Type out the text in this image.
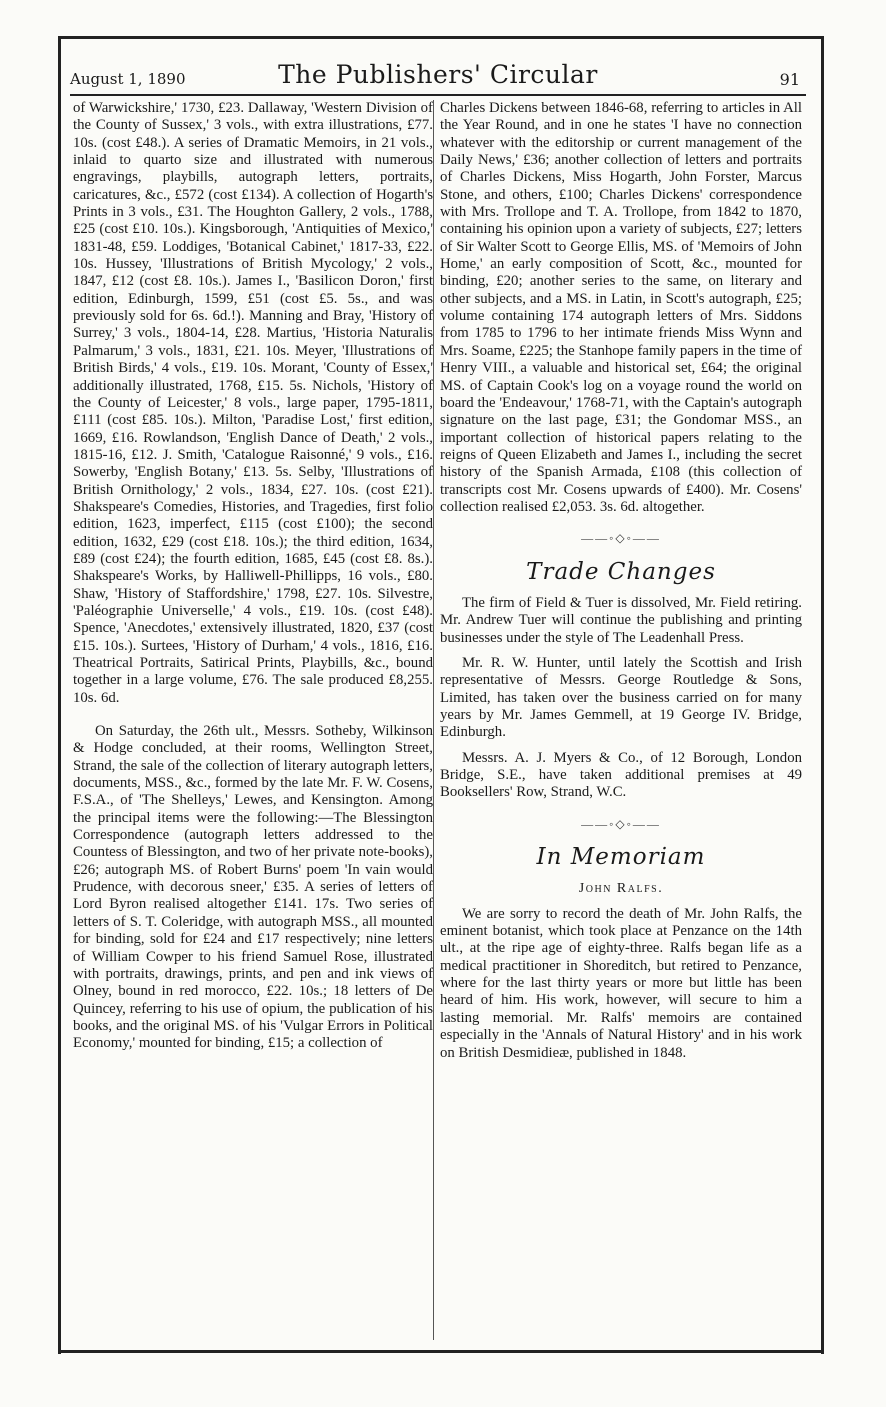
August 1, 1890	The Publishers' Circular	91

of Warwickshire,' 1730, £23. Dallaway, 'Western Division of the County of Sussex,' 3 vols., with extra illustrations, £77. 10s. (cost £48.). A series of Dramatic Memoirs, in 21 vols., inlaid to quarto size and illustrated with numerous engravings, playbills, autograph letters, portraits, caricatures, &c., £572 (cost £134). A collection of Hogarth's Prints in 3 vols., £31. The Houghton Gallery, 2 vols., 1788, £25 (cost £10. 10s.). Kingsborough, 'Antiquities of Mexico,' 1831-48, £59. Loddiges, 'Botanical Cabinet,' 1817-33, £22. 10s. Hussey, 'Illustrations of British Mycology,' 2 vols., 1847, £12 (cost £8. 10s.). James I., 'Basilicon Doron,' first edition, Edinburgh, 1599, £51 (cost £5. 5s., and was previously sold for 6s. 6d.!). Manning and Bray, 'History of Surrey,' 3 vols., 1804-14, £28. Martius, 'Historia Naturalis Palmarum,' 3 vols., 1831, £21. 10s. Meyer, 'Illustrations of British Birds,' 4 vols., £19. 10s. Morant, 'County of Essex,' additionally illustrated, 1768, £15. 5s. Nichols, 'History of the County of Leicester,' 8 vols., large paper, 1795-1811, £111 (cost £85. 10s.). Milton, 'Paradise Lost,' first edition, 1669, £16. Rowlandson, 'English Dance of Death,' 2 vols., 1815-16, £12. J. Smith, 'Catalogue Raisonné,' 9 vols., £16. Sowerby, 'English Botany,' £13. 5s. Selby, 'Illustrations of British Ornithology,' 2 vols., 1834, £27. 10s. (cost £21). Shakspeare's Comedies, Histories, and Tragedies, first folio edition, 1623, imperfect, £115 (cost £100); the second edition, 1632, £29 (cost £18. 10s.); the third edition, 1634, £89 (cost £24); the fourth edition, 1685, £45 (cost £8. 8s.). Shakspeare's Works, by Halliwell-Phillipps, 16 vols., £80. Shaw, 'History of Staffordshire,' 1798, £27. 10s. Silvestre, 'Paléographie Universelle,' 4 vols., £19. 10s. (cost £48). Spence, 'Anecdotes,' extensively illustrated, 1820, £37 (cost £15. 10s.). Surtees, 'History of Durham,' 4 vols., 1816, £16. Theatrical Portraits, Satirical Prints, Playbills, &c., bound together in a large volume, £76. The sale produced £8,255. 10s. 6d.

On Saturday, the 26th ult., Messrs. Sotheby, Wilkinson & Hodge concluded, at their rooms, Wellington Street, Strand, the sale of the collection of literary autograph letters, documents, MSS., &c., formed by the late Mr. F. W. Cosens, F.S.A., of 'The Shelleys,' Lewes, and Kensington. Among the principal items were the following:—The Blessington Correspondence (autograph letters addressed to the Countess of Blessington, and two of her private note-books), £26; autograph MS. of Robert Burns' poem 'In vain would Prudence, with decorous sneer,' £35. A series of letters of Lord Byron realised altogether £141. 17s. Two series of letters of S. T. Coleridge, with autograph MSS., all mounted for binding, sold for £24 and £17 respectively; nine letters of William Cowper to his friend Samuel Rose, illustrated with portraits, drawings, prints, and pen and ink views of Olney, bound in red morocco, £22. 10s.; 18 letters of De Quincey, referring to his use of opium, the publication of his books, and the original MS. of his 'Vulgar Errors in Political Economy,' mounted for binding, £15; a collection of

Charles Dickens between 1846-68, referring to articles in All the Year Round, and in one he states 'I have no connection whatever with the editorship or current management of the Daily News,' £36; another collection of letters and portraits of Charles Dickens, Miss Hogarth, John Forster, Marcus Stone, and others, £100; Charles Dickens' correspondence with Mrs. Trollope and T. A. Trollope, from 1842 to 1870, containing his opinion upon a variety of subjects, £27; letters of Sir Walter Scott to George Ellis, MS. of 'Memoirs of John Home,' an early composition of Scott, &c., mounted for binding, £20; another series to the same, on literary and other subjects, and a MS. in Latin, in Scott's autograph, £25; volume containing 174 autograph letters of Mrs. Siddons from 1785 to 1796 to her intimate friends Miss Wynn and Mrs. Soame, £225; the Stanhope family papers in the time of Henry VIII., a valuable and historical set, £64; the original MS. of Captain Cook's log on a voyage round the world on board the 'Endeavour,' 1768-71, with the Captain's autograph signature on the last page, £31; the Gondomar MSS., an important collection of historical papers relating to the reigns of Queen Elizabeth and James I., including the secret history of the Spanish Armada, £108 (this collection of transcripts cost Mr. Cosens upwards of £400). Mr. Cosens' collection realised £2,053. 3s. 6d. altogether.

——◦◇◦——
Trade Changes

The firm of Field & Tuer is dissolved, Mr. Field retiring. Mr. Andrew Tuer will continue the publishing and printing businesses under the style of The Leadenhall Press.

Mr. R. W. Hunter, until lately the Scottish and Irish representative of Messrs. George Routledge & Sons, Limited, has taken over the business carried on for many years by Mr. James Gemmell, at 19 George IV. Bridge, Edinburgh.

Messrs. A. J. Myers & Co., of 12 Borough, London Bridge, S.E., have taken additional premises at 49 Booksellers' Row, Strand, W.C.

——◦◇◦——
In Memoriam
John Ralfs.

We are sorry to record the death of Mr. John Ralfs, the eminent botanist, which took place at Penzance on the 14th ult., at the ripe age of eighty-three. Ralfs began life as a medical practitioner in Shoreditch, but retired to Penzance, where for the last thirty years or more but little has been heard of him. His work, however, will secure to him a lasting memorial. Mr. Ralfs' memoirs are contained especially in the 'Annals of Natural History' and in his work on British Desmidieæ, published in 1848.
